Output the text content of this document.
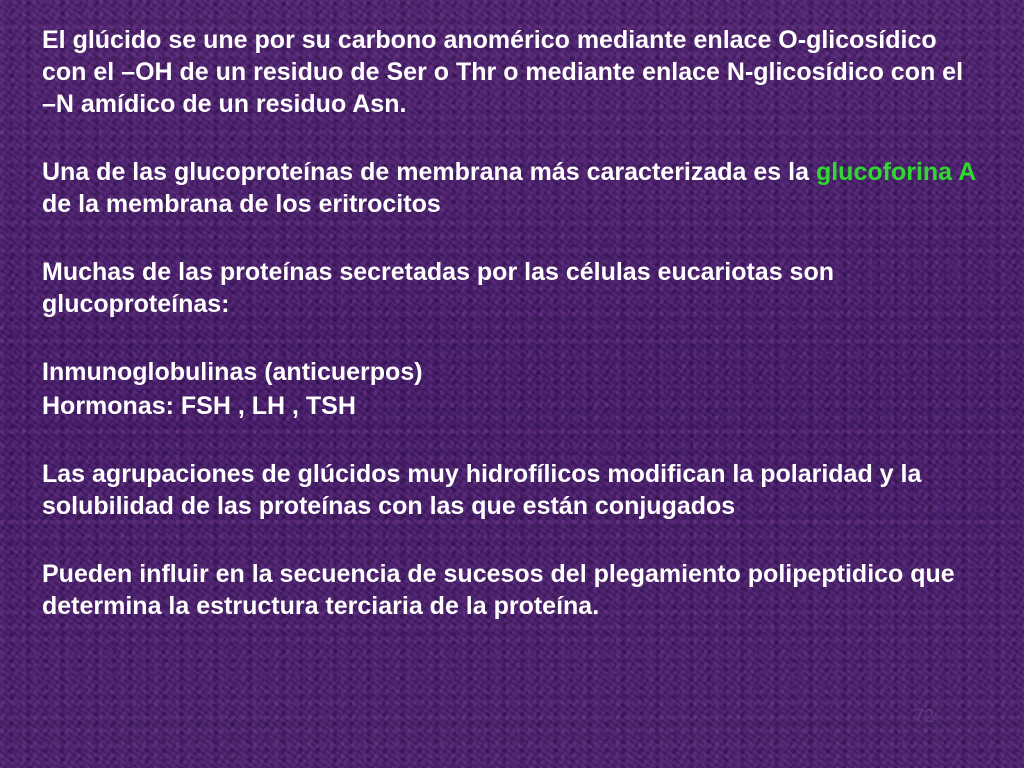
El glúcido se une por su carbono anomérico mediante enlace O-glicosídico con el –OH de un residuo de Ser o Thr o mediante enlace N-glicosídico con el –N amídico de un residuo Asn.

Una de las glucoproteínas de membrana más caracterizada es la glucoforina A de la membrana de los eritrocitos

Muchas de las proteínas secretadas por las células eucariotas son glucoproteínas:

Inmunoglobulinas (anticuerpos)

Hormonas: FSH , LH , TSH

Las agrupaciones de glúcidos muy hidrofílicos modifican la polaridad y la solubilidad de las proteínas con las que están conjugados

Pueden influir en la secuencia de sucesos del plegamiento polipeptidico que determina la estructura terciaria de la proteína.

72
